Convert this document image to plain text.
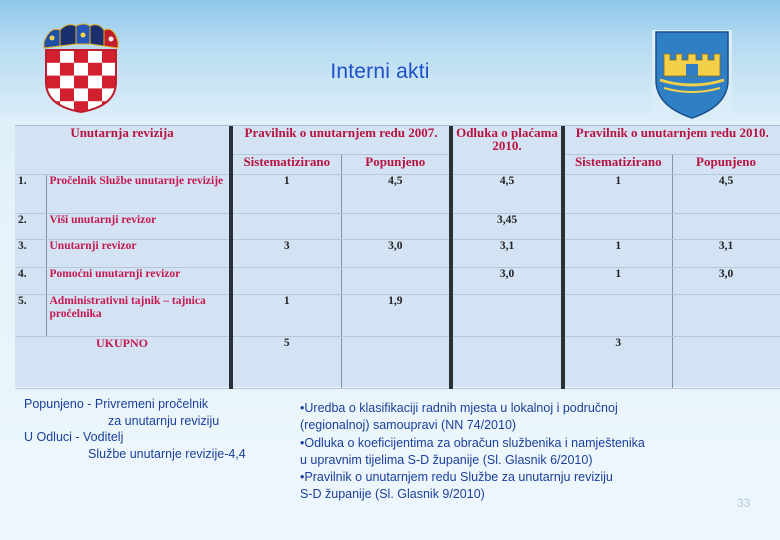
Interni akti
Unutarnja revizija		Pravilnik o unutarnjem redu 2007.		Odluka o plaćama 2010.	Pravilnik o unutarnjem redu 2010.	
		Sistematizirano	Popunjeno		Sistematizirano	Popunjeno
1.	Pročelnik Službe unutarnje revizije	1	4,5	4,5	1	4,5
2.	Viši unutarnji revizor			3,45		
3.	Unutarnji revizor	3	3,0	3,1	1	3,1
4.	Pomoćni unutarnji revizor			3,0	1	3,0
5.	Administrativni tajnik – tajnica pročelnika	1	1,9			
UKUPNO		5			3	
Popunjeno - Privremeni pročelnik
za unutarnju reviziju
U Odluci - Voditelj
Službe unutarnje revizije-4,4
•Uredba o klasifikaciji radnih mjesta u lokalnoj i područnoj
(regionalnoj) samoupravi (NN 74/2010)
•Odluka o koeficijentima za obračun službenika i namještenika
u upravnim tijelima S-D županije (Sl. Glasnik 6/2010)
•Pravilnik o unutarnjem redu Službe za unutarnju reviziju
S-D županije (Sl. Glasnik 9/2010)
33
